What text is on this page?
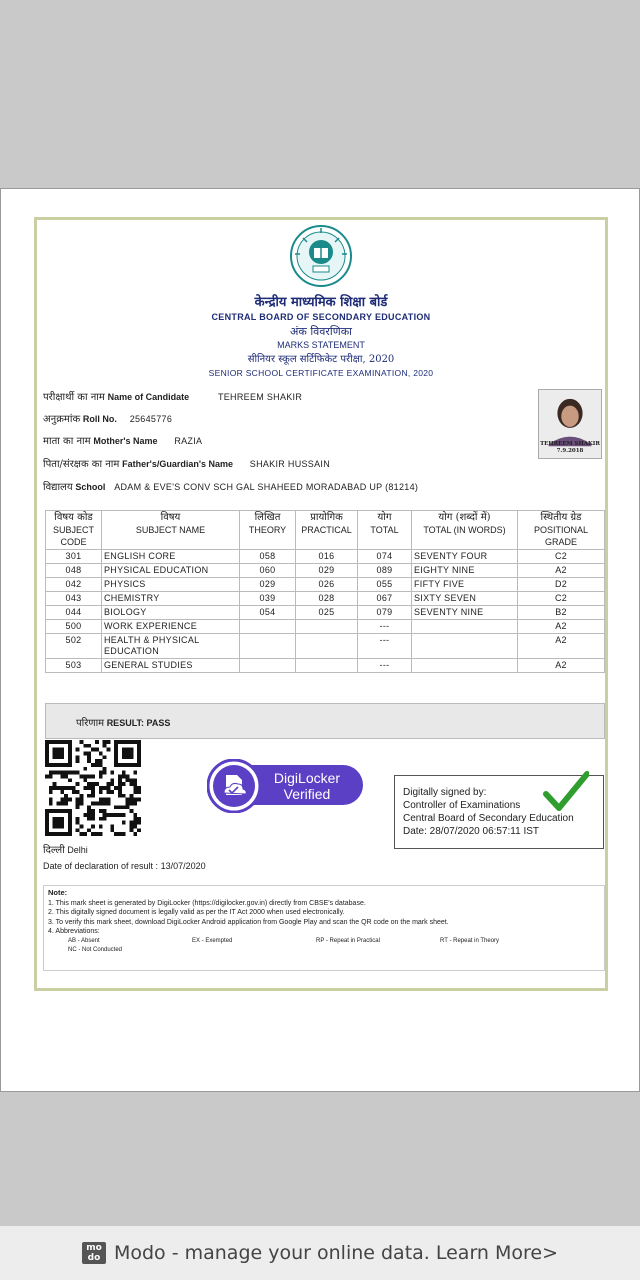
केन्द्रीय माध्यमिक शिक्षा बोर्ड
CENTRAL BOARD OF SECONDARY EDUCATION
अंक विवरणिका
MARKS STATEMENT
सीनियर स्कूल सर्टिफिकेट परीक्षा, 2020
SENIOR SCHOOL CERTIFICATE EXAMINATION, 2020
परीक्षार्थी का नाम Name of Candidate	TEHREEM SHAKIR
अनुक्रमांक Roll No. 25645776
माता का नाम Mother's Name RAZIA
पिता/संरक्षक का नाम Father's/Guardian's Name SHAKIR HUSSAIN
विद्यालय School ADAM & EVE'S CONV SCH GAL SHAHEED MORADABAD UP (81214)
TEHREEM SHAKIR
7.9.2018
विषय कोड
SUBJECT CODE	विषय
SUBJECT NAME	लिखित
THEORY	प्रायोगिक
PRACTICAL	योग
TOTAL	योग (शब्दों में)
TOTAL (IN WORDS)	स्थितीय ग्रेड
POSITIONAL GRADE
301	ENGLISH CORE	058	016	074	SEVENTY FOUR	C2
048	PHYSICAL EDUCATION	060	029	089	EIGHTY NINE	A2
042	PHYSICS	029	026	055	FIFTY FIVE	D2
043	CHEMISTRY	039	028	067	SIXTY SEVEN	C2
044	BIOLOGY	054	025	079	SEVENTY NINE	B2
500	WORK EXPERIENCE			---		A2
502	HEALTH & PHYSICAL EDUCATION			---		A2
503	GENERAL STUDIES			---		A2
परिणाम RESULT: PASS
DigiLocker
Verified	Digitally signed by:
Controller of Examinations
Central Board of Secondary Education
Date: 28/07/2020 06:57:11 IST
दिल्ली Delhi
Date of declaration of result : 13/07/2020
Note:
1. This mark sheet is generated by DigiLocker (https://digilocker.gov.in) directly from CBSE's database.
2. This digitally signed document is legally valid as per the IT Act 2000 when used electronically.
3. To verify this mark sheet, download DigiLocker Android application from Google Play and scan the QR code on the mark sheet.
4. Abbreviations:
AB - Absent	EX - Exempted	RP - Repeat in Practical	RT - Repeat in Theory
NC - Not Conducted
mo
do Modo - manage your online data. Learn More>
